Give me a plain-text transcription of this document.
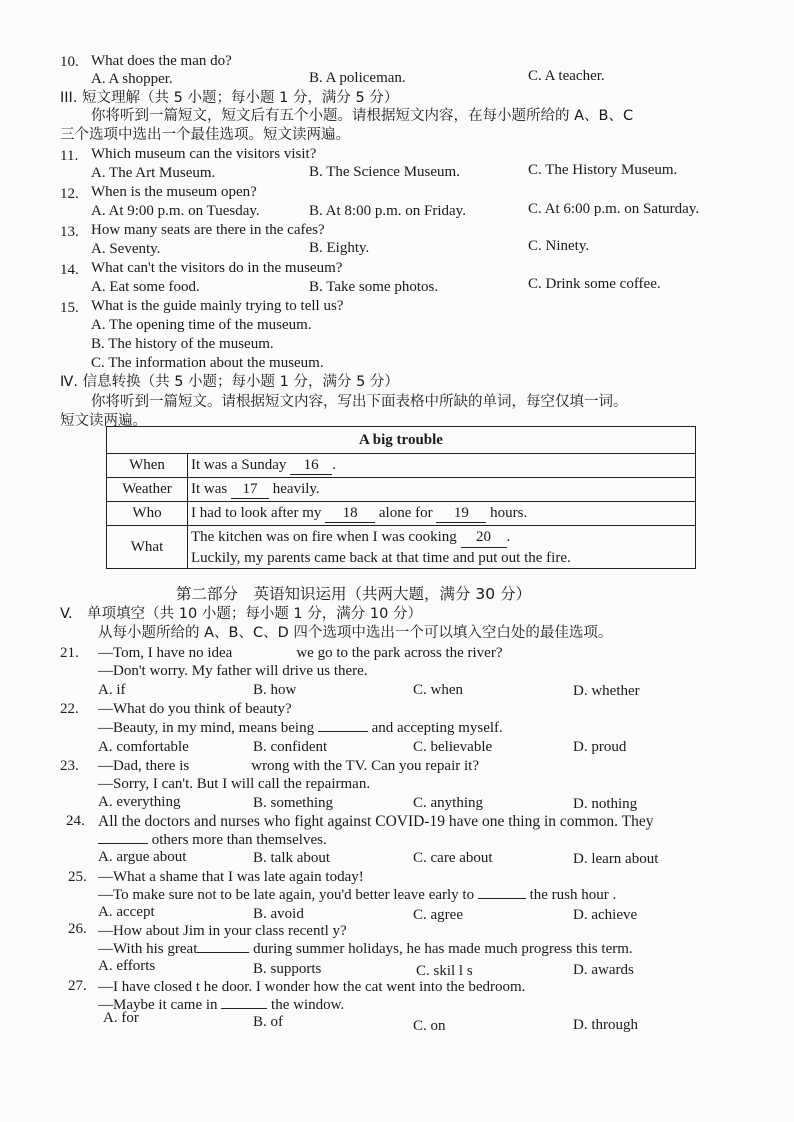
10. What does the man do?
A. A shopper.	B. A policeman.	C. A teacher.
III. 短文理解（共 5 小题；每小题 1 分，满分 5 分）
你将听到一篇短文，短文后有五个小题。请根据短文内容，在每小题所给的 A、B、C
三个选项中选出一个最佳选项。短文读两遍。
11. Which museum can the visitors visit?
A. The Art Museum.	B. The Science Museum.	C. The History Museum.
12. When is the museum open?
A. At 9:00 p.m. on Tuesday.	B. At 8:00 p.m. on Friday.	C. At 6:00 p.m. on Saturday.
13. How many seats are there in the cafes?
A. Seventy.	B. Eighty.	C. Ninety.
14. What can't the visitors do in the museum?
A. Eat some food.	B. Take some photos.	C. Drink some coffee.
15. What is the guide mainly trying to tell us?
A. The opening time of the museum.
B. The history of the museum.
C. The information about the museum.
Ⅳ. 信息转换（共 5 小题；每小题 1 分，满分 5 分）
你将听到一篇短文。请根据短文内容，写出下面表格中所缺的单词，每空仅填一词。
短文读两遍。
A big trouble	
When	It was a Sunday 16 .
Weather	It was 17 heavily.
Who	I had to look after my 18 alone for 19 hours.
What	The kitchen was on fire when I was cooking 20 .
Luckily, my parents came back at that time and put out the fire.
第二部分　英语知识运用（共两大题，满分 30 分）
V.　单项填空（共 10 小题；每小题 1 分，满分 10 分）
从每小题所给的 A、B、C、D 四个选项中选出一个可以填入空白处的最佳选项。
21. —Tom, I have no idea	we go to the park across the river?
—Don't worry. My father will drive us there.
A. if	B. how	C. when	D. whether
22. —What do you think of beauty?
—Beauty, in my mind, means being	and accepting myself.
A. comfortable	B. confident	C. believable	D. proud
23. —Dad, there is	wrong with the TV. Can you repair it?
—Sorry, I can't. But I will call the repairman.
A. everything	B. something	C. anything	D. nothing
24. All the doctors and nurses who fight against COVID-19 have one thing in common. They
others more than themselves.
A. argue about	B. talk about	C. care about	D. learn about
25. —What a shame that I was late again today!
—To make sure not to be late again, you'd better leave early to	the rush hour .
A. accept	B. avoid	C. agree	D. achieve
26. —How about Jim in your class recentl y?
—With his great	during summer holidays, he has made much progress this term.
A. efforts	B. supports	C. skil l s	D. awards
27. —I have closed t he door. I wonder how the cat went into the bedroom.
—Maybe it came in	the window.
A. for	B. of	C. on	D. through
